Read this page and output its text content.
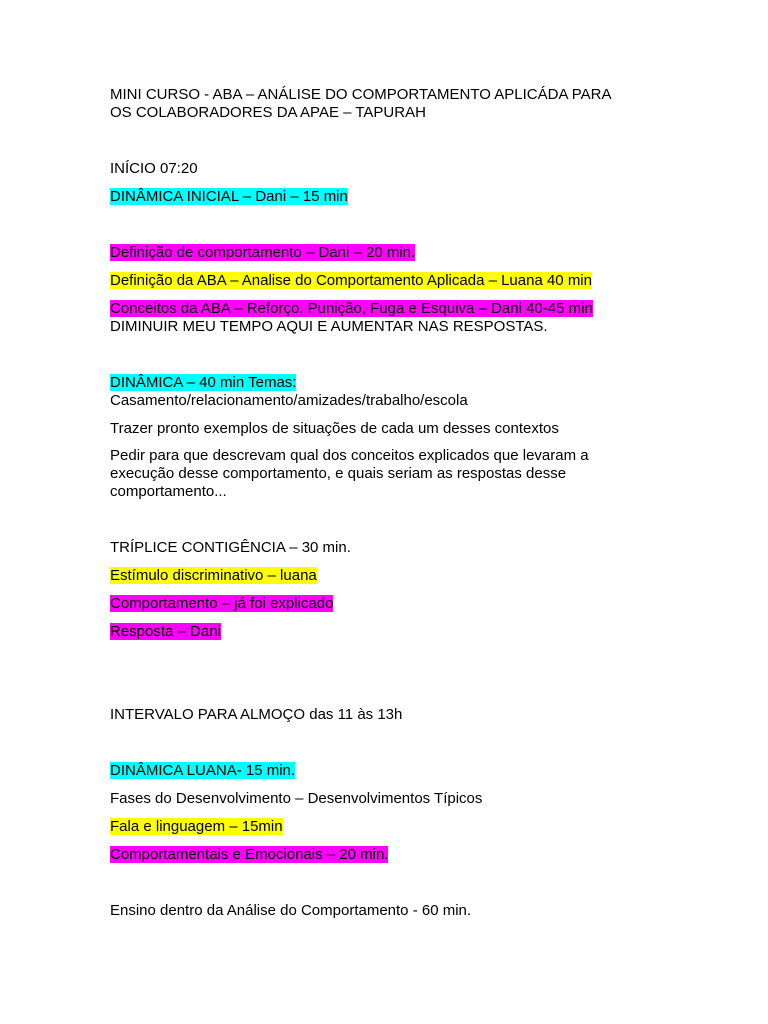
MINI CURSO - ABA – ANÁLISE DO COMPORTAMENTO APLICÁDA PARA
OS COLABORADORES DA APAE – TAPURAH
INÍCIO 07:20
DINÂMICA INICIAL – Dani – 15 min
Definição de comportamento – Dani – 20 min.
Definição da ABA – Analise do Comportamento Aplicada – Luana 40 min
Conceitos da ABA – Reforço, Punição, Fuga e Esquiva – Dani 40-45 min
DIMINUIR MEU TEMPO AQUI E AUMENTAR NAS RESPOSTAS.
DINÂMICA – 40 min Temas:
Casamento/relacionamento/amizades/trabalho/escola
Trazer pronto exemplos de situações de cada um desses contextos
Pedir para que descrevam qual dos conceitos explicados que levaram a
execução desse comportamento, e quais seriam as respostas desse
comportamento...
TRÍPLICE CONTIGÊNCIA – 30 min.
Estímulo discriminativo – luana
Comportamento – já foi explicado
Resposta – Dani
INTERVALO PARA ALMOÇO das 11 às 13h
DINÂMICA LUANA- 15 min.
Fases do Desenvolvimento – Desenvolvimentos Típicos
Fala e linguagem – 15min
Comportamentais e Emocionais – 20 min.
Ensino dentro da Análise do Comportamento - 60 min.
